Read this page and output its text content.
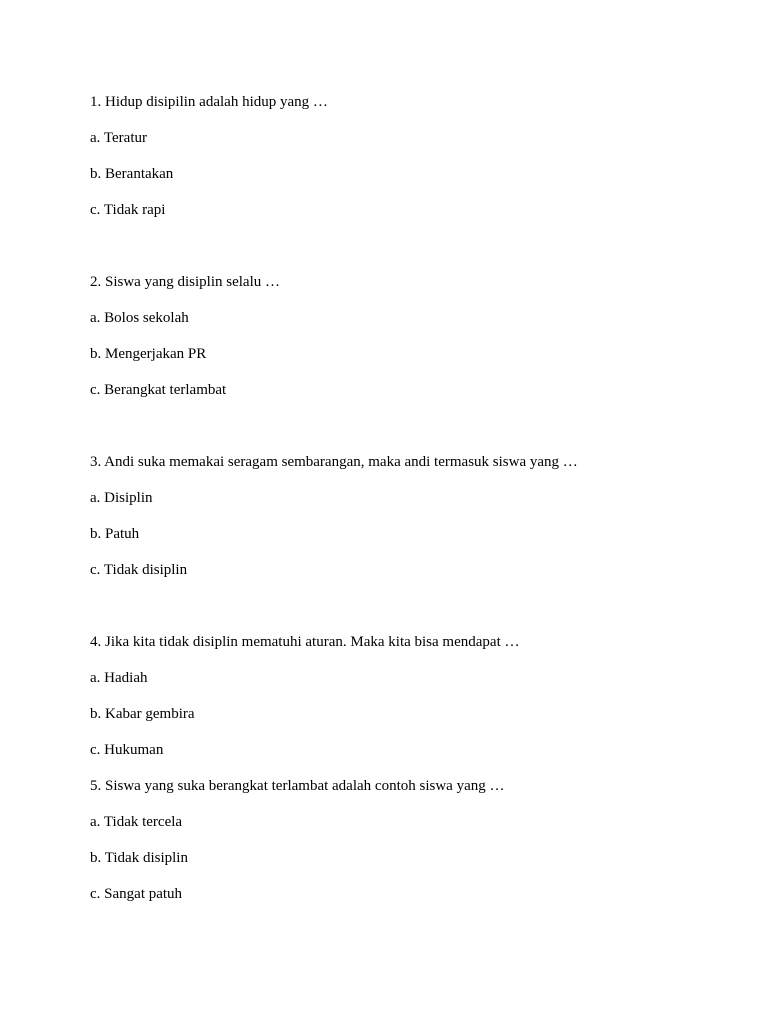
1. Hidup disipilin adalah hidup yang …
a. Teratur
b. Berantakan
c. Tidak rapi
2. Siswa yang disiplin selalu …
a. Bolos sekolah
b. Mengerjakan PR
c. Berangkat terlambat
3. Andi suka memakai seragam sembarangan, maka andi termasuk siswa yang …
a. Disiplin
b. Patuh
c. Tidak disiplin
4. Jika kita tidak disiplin mematuhi aturan. Maka kita bisa mendapat …
a. Hadiah
b. Kabar gembira
c. Hukuman
5. Siswa yang suka berangkat terlambat adalah contoh siswa yang …
a. Tidak tercela
b. Tidak disiplin
c. Sangat patuh
